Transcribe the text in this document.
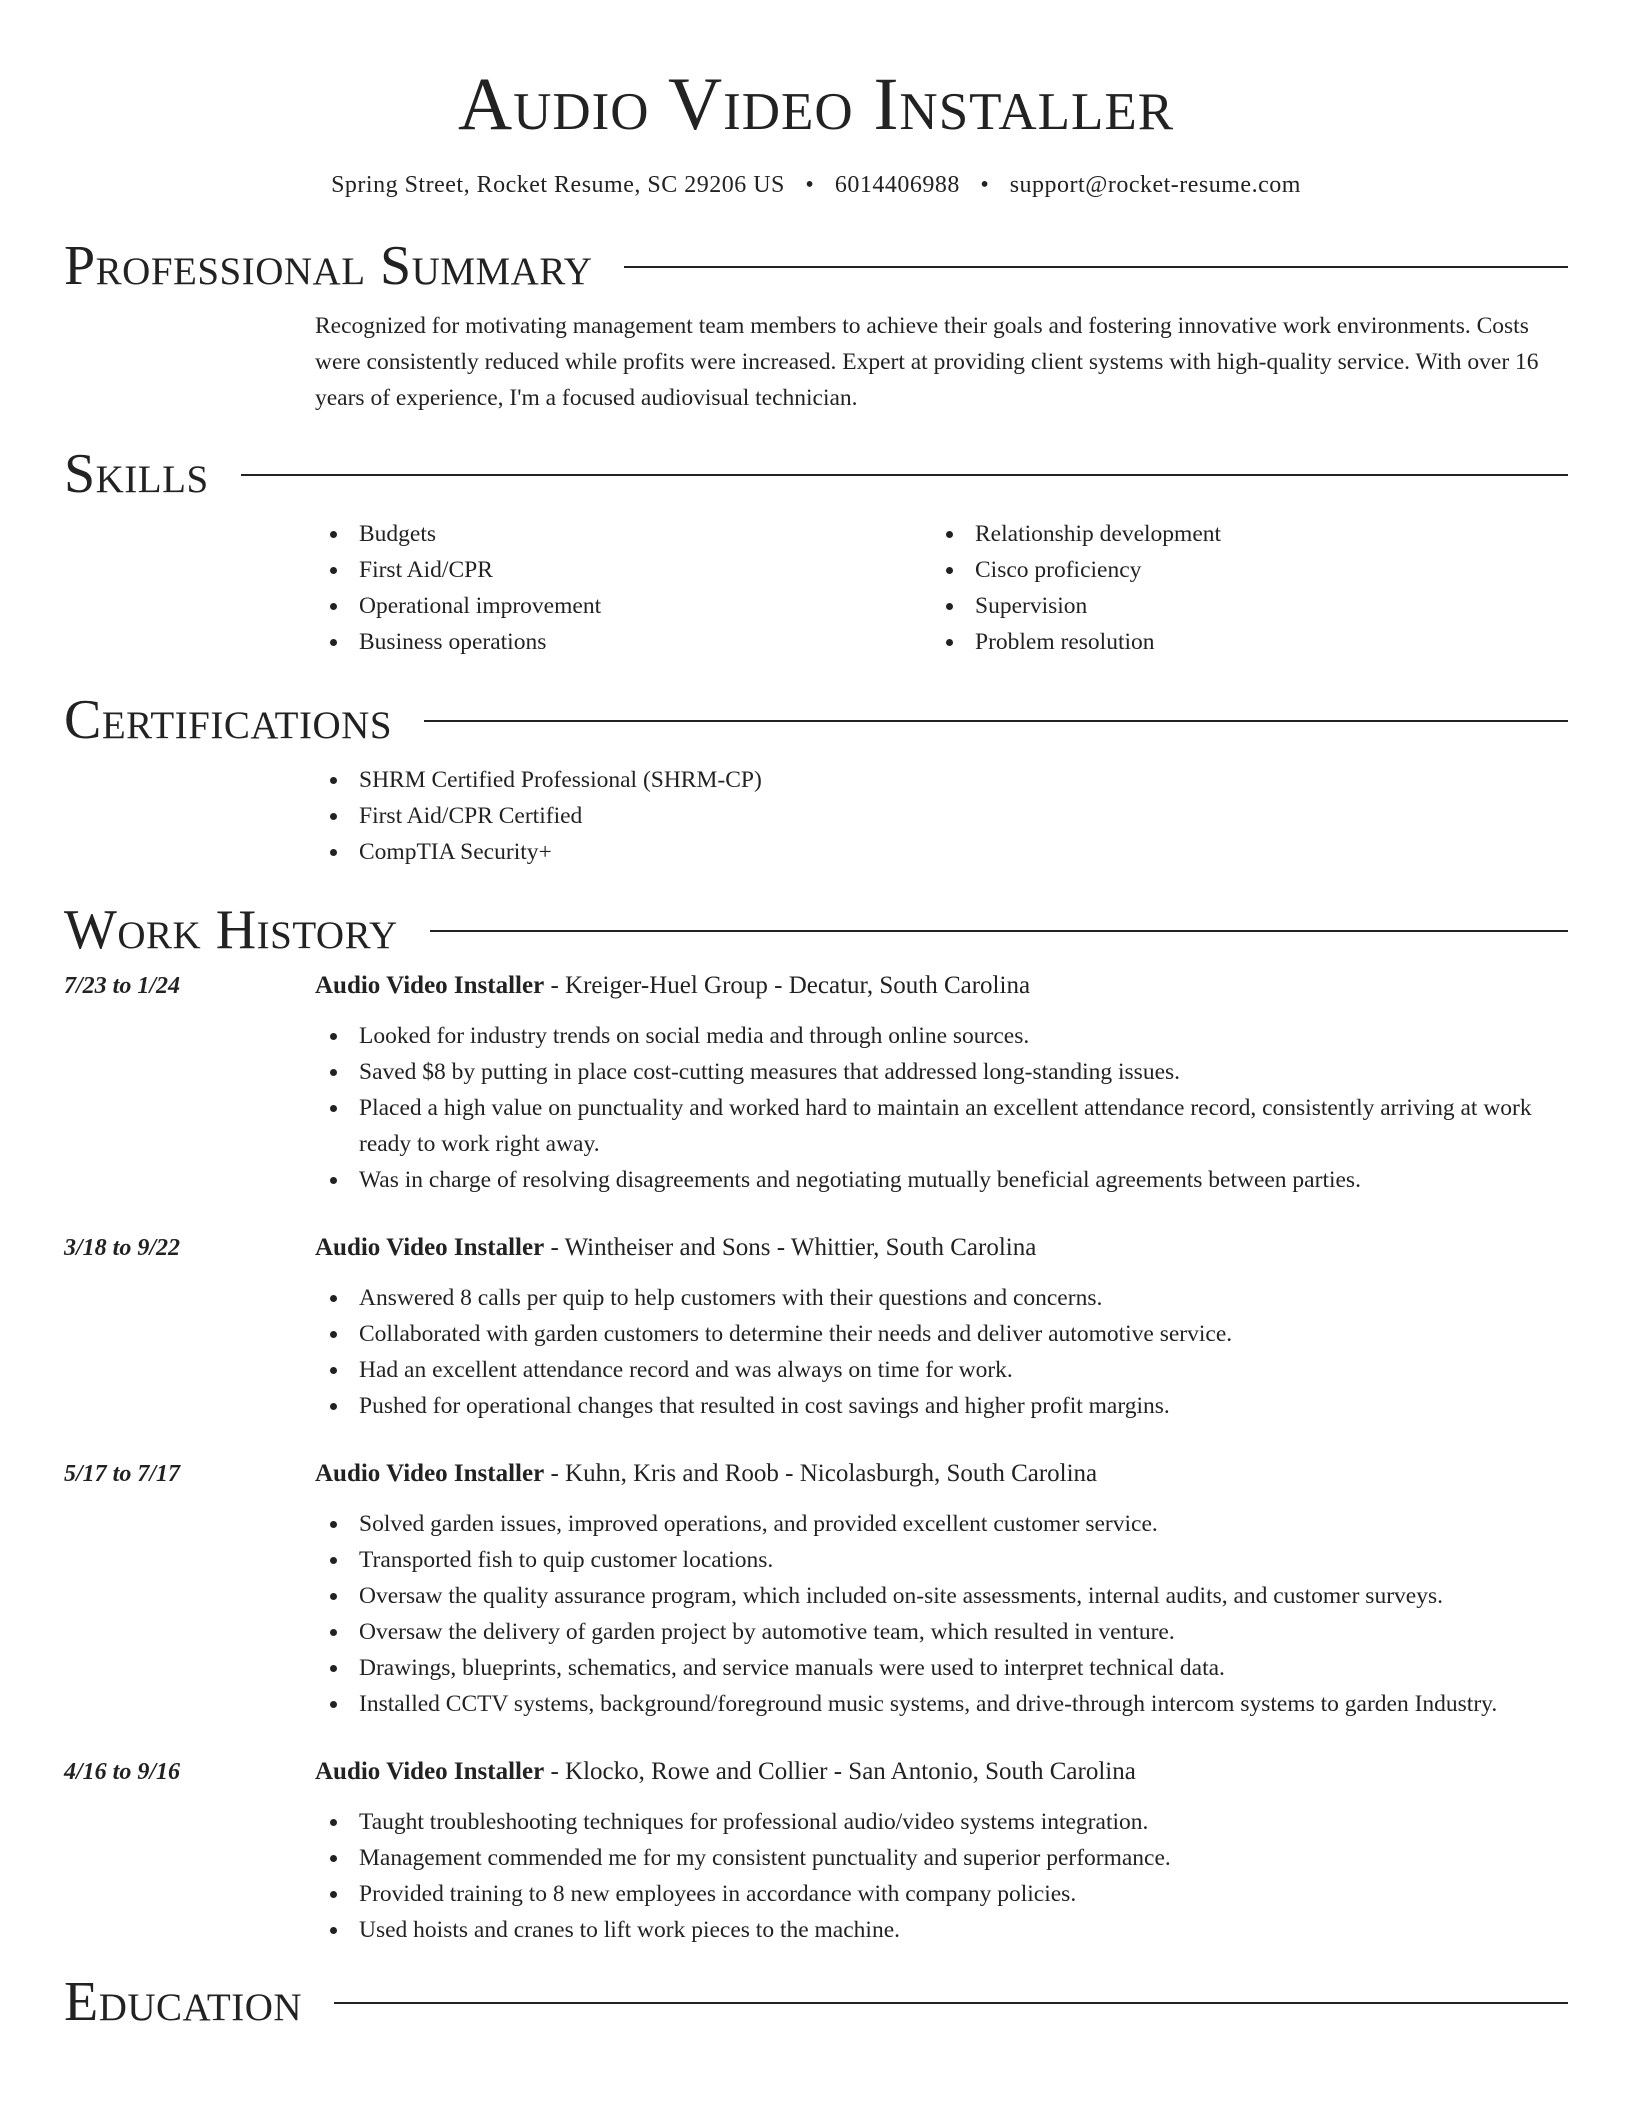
Audio Video Installer
Spring Street, Rocket Resume, SC 29206 US • 6014406988 • support@rocket-resume.com
Professional Summary

Recognized for motivating management team members to achieve their goals and fostering innovative work environments. Costs were consistently reduced while profits were increased. Expert at providing client systems with high-quality service. With over 16 years of experience, I'm a focused audiovisual technician.

Skills
Budgets
First Aid/CPR
Operational improvement
Business operations
Relationship development
Cisco proficiency
Supervision
Problem resolution
Certifications
SHRM Certified Professional (SHRM-CP)
First Aid/CPR Certified
CompTIA Security+
Work History
7/23 to 1/24	Audio Video Installer - Kreiger-Huel Group - Decatur, South Carolina
Looked for industry trends on social media and through online sources.
Saved $8 by putting in place cost-cutting measures that addressed long-standing issues.
Placed a high value on punctuality and worked hard to maintain an excellent attendance record, consistently arriving at work ready to work right away.
Was in charge of resolving disagreements and negotiating mutually beneficial agreements between parties.
3/18 to 9/22	Audio Video Installer - Wintheiser and Sons - Whittier, South Carolina
Answered 8 calls per quip to help customers with their questions and concerns.
Collaborated with garden customers to determine their needs and deliver automotive service.
Had an excellent attendance record and was always on time for work.
Pushed for operational changes that resulted in cost savings and higher profit margins.
5/17 to 7/17	Audio Video Installer - Kuhn, Kris and Roob - Nicolasburgh, South Carolina
Solved garden issues, improved operations, and provided excellent customer service.
Transported fish to quip customer locations.
Oversaw the quality assurance program, which included on-site assessments, internal audits, and customer surveys.
Oversaw the delivery of garden project by automotive team, which resulted in venture.
Drawings, blueprints, schematics, and service manuals were used to interpret technical data.
Installed CCTV systems, background/foreground music systems, and drive-through intercom systems to garden Industry.
4/16 to 9/16	Audio Video Installer - Klocko, Rowe and Collier - San Antonio, South Carolina
Taught troubleshooting techniques for professional audio/video systems integration.
Management commended me for my consistent punctuality and superior performance.
Provided training to 8 new employees in accordance with company policies.
Used hoists and cranes to lift work pieces to the machine.
Education
